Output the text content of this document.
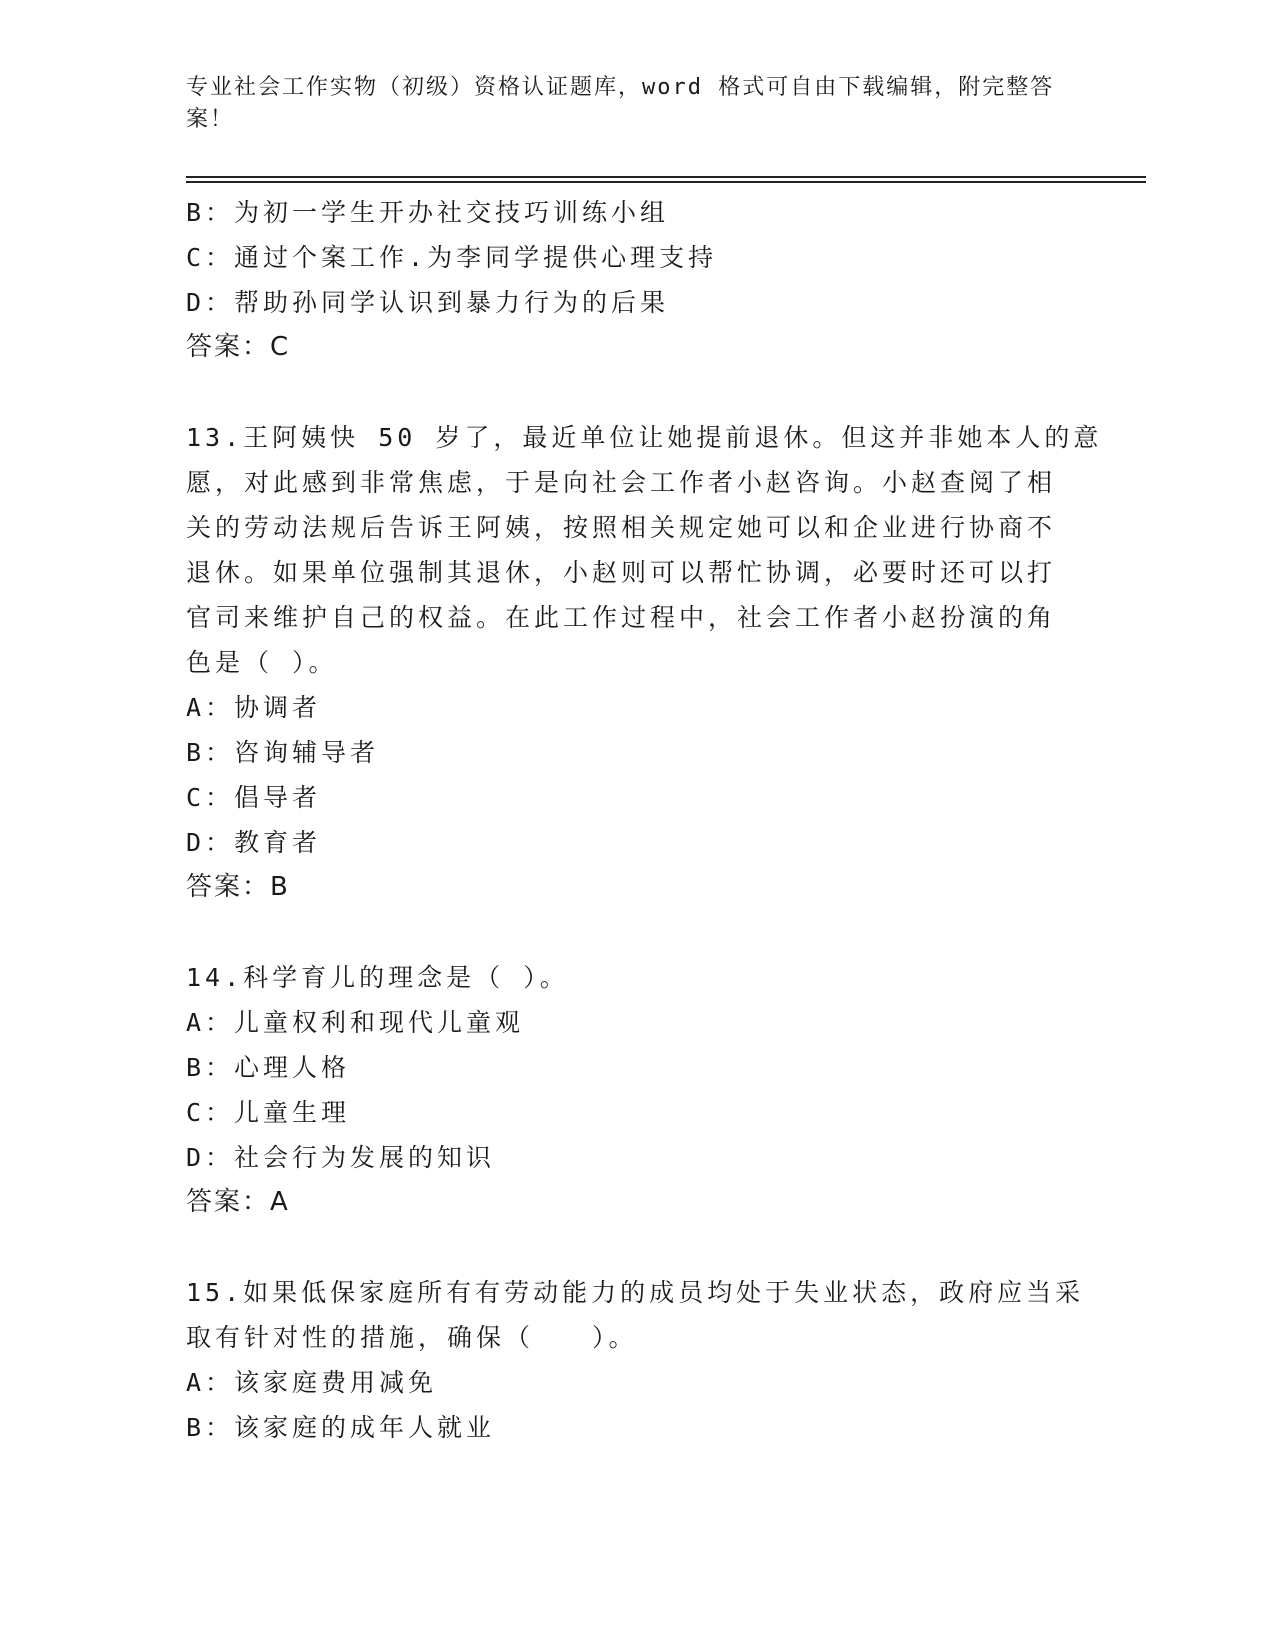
专业社会工作实物（初级）资格认证题库，word 格式可自由下载编辑，附完整答案！
B：为初一学生开办社交技巧训练小组
C：通过个案工作.为李同学提供心理支持
D：帮助孙同学认识到暴力行为的后果
答案：C
13.王阿姨快 50 岁了，最近单位让她提前退休。但这并非她本人的意
愿，对此感到非常焦虑，于是向社会工作者小赵咨询。小赵查阅了相
关的劳动法规后告诉王阿姨，按照相关规定她可以和企业进行协商不
退休。如果单位强制其退休，小赵则可以帮忙协调，必要时还可以打
官司来维护自己的权益。在此工作过程中，社会工作者小赵扮演的角
色是（ ）。
A：协调者
B：咨询辅导者
C：倡导者
D：教育者
答案：B
14.科学育儿的理念是（ ）。
A：儿童权利和现代儿童观
B：心理人格
C：儿童生理
D：社会行为发展的知识
答案：A
15.如果低保家庭所有有劳动能力的成员均处于失业状态，政府应当采
取有针对性的措施，确保（　　）。
A：该家庭费用减免
B：该家庭的成年人就业
